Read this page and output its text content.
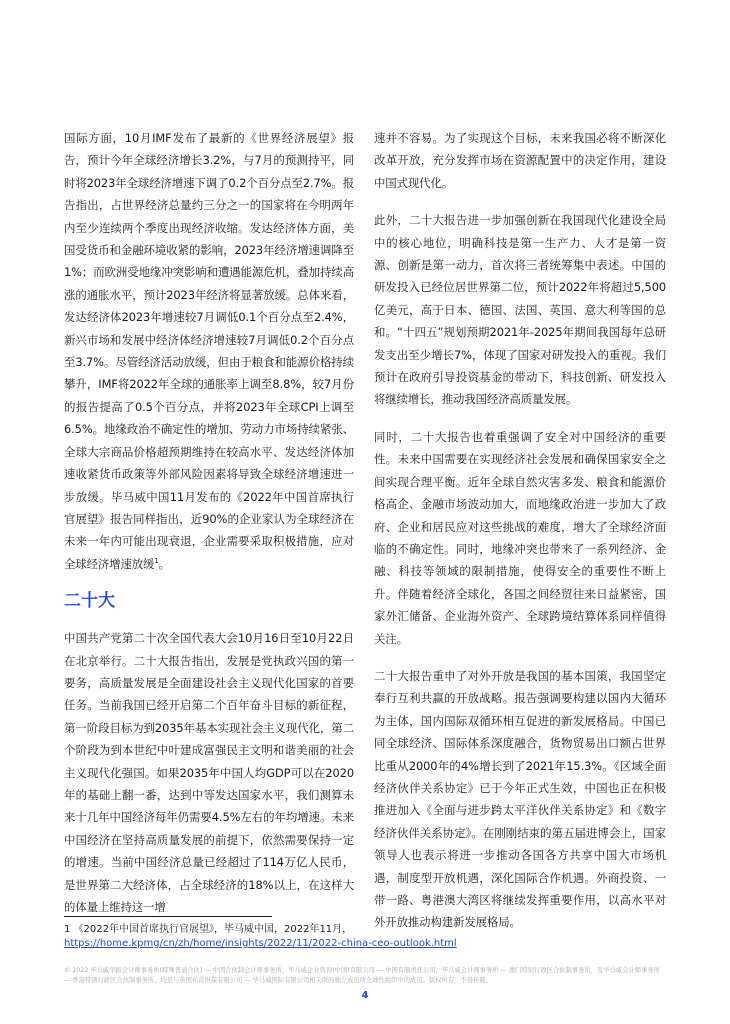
国际方面，10月IMF发布了最新的《世界经济展望》报告，预计今年全球经济增长3.2%，与7月的预测持平，同时将2023年全球经济增速下调了0.2个百分点至2.7%。报告指出，占世界经济总量约三分之一的国家将在今明两年内至少连续两个季度出现经济收缩。发达经济体方面，美国受货币和金融环境收紧的影响，2023年经济增速调降至1%；而欧洲受地缘冲突影响和遭遇能源危机，叠加持续高涨的通胀水平，预计2023年经济将显著放缓。总体来看，发达经济体2023年增速较7月调低0.1个百分点至2.4%，新兴市场和发展中经济体经济增速较7月调低0.2个百分点至3.7%。尽管经济活动放缓，但由于粮食和能源价格持续攀升，IMF将2022年全球的通胀率上调至8.8%，较7月份的报告提高了0.5个百分点，并将2023年全球CPI上调至6.5%。地缘政治不确定性的增加、劳动力市场持续紧张、全球大宗商品价格超预期维持在较高水平、发达经济体加速收紧货币政策等外部风险因素将导致全球经济增速进一步放缓。毕马威中国11月发布的《2022年中国首席执行官展望》报告同样指出，近90%的企业家认为全球经济在未来一年内可能出现衰退，企业需要采取积极措施，应对全球经济增速放缓$^1$。

二十大

中国共产党第二十次全国代表大会10月16日至10月22日在北京举行。二十大报告指出，发展是党执政兴国的第一要务，高质量发展是全面建设社会主义现代化国家的首要任务。当前我国已经开启第二个百年奋斗目标的新征程，第一阶段目标为到2035年基本实现社会主义现代化，第二个阶段为到本世纪中叶建成富强民主文明和谐美丽的社会主义现代化强国。如果2035年中国人均GDP可以在2020年的基础上翻一番，达到中等发达国家水平，我们测算未来十几年中国经济每年仍需要4.5%左右的年均增速。未来中国经济在坚持高质量发展的前提下，依然需要保持一定的增速。当前中国经济总量已经超过了114万亿人民币，是世界第二大经济体，占全球经济的18%以上，在这样大的体量上维持这一增

速并不容易。为了实现这个目标，未来我国必将不断深化改革开放，充分发挥市场在资源配置中的决定作用，建设中国式现代化。

此外，二十大报告进一步加强创新在我国现代化建设全局中的核心地位，明确科技是第一生产力、人才是第一资源、创新是第一动力，首次将三者统筹集中表述。中国的研发投入已经位居世界第二位，预计2022年将超过5,500亿美元，高于日本、德国、法国、英国、意大利等国的总和。“十四五”规划预期2021年-2025年期间我国每年总研发支出至少增长7%，体现了国家对研发投入的重视。我们预计在政府引导投资基金的带动下，科技创新、研发投入将继续增长，推动我国经济高质量发展。

同时，二十大报告也着重强调了安全对中国经济的重要性。未来中国需要在实现经济社会发展和确保国家安全之间实现合理平衡。近年全球自然灾害多发、粮食和能源价格高企、金融市场波动加大，而地缘政治进一步加大了政府、企业和居民应对这些挑战的难度，增大了全球经济面临的不确定性。同时，地缘冲突也带来了一系列经济、金融、科技等领域的限制措施，使得安全的重要性不断上升。伴随着经济全球化，各国之间经贸往来日益紧密，国家外汇储备、企业海外资产、全球跨境结算体系同样值得关注。

二十大报告重申了对外开放是我国的基本国策，我国坚定奉行互利共赢的开放战略。报告强调要构建以国内大循环为主体，国内国际双循环相互促进的新发展格局。中国已同全球经济、国际体系深度融合，货物贸易出口额占世界比重从2000年的4%增长到了2021年15.3%。《区域全面经济伙伴关系协定》已于今年正式生效，中国也正在积极推进加入《全面与进步跨太平洋伙伴关系协定》和《数字经济伙伴关系协定》。在刚刚结束的第五届进博会上，国家领导人也表示将进一步推动各国各方共享中国大市场机遇，制度型开放机遇，深化国际合作机遇。外商投资、一带一路、粤港澳大湾区将继续发挥重要作用，以高水平对外开放推动构建新发展格局。

1 《2022年中国首席执行官展望》，毕马威中国，2022年11月，
https://home.kpmg/cn/zh/home/insights/2022/11/2022-china-ceo-outlook.html
© 2022 毕马威华振会计师事务所(特殊普通合伙) — 中国合伙制会计师事务所，毕马威企业咨询(中国)有限公司 — 中国有限责任公司，毕马威会计师事务所 — 澳门特别行政区合伙制事务所，及毕马威会计师事务所 — 香港特别行政区合伙制事务所，均是与英国私营担保有限公司 — 毕马威国际有限公司相关联的独立成员所全球性组织中的成员。版权所有，不得转载。
4
